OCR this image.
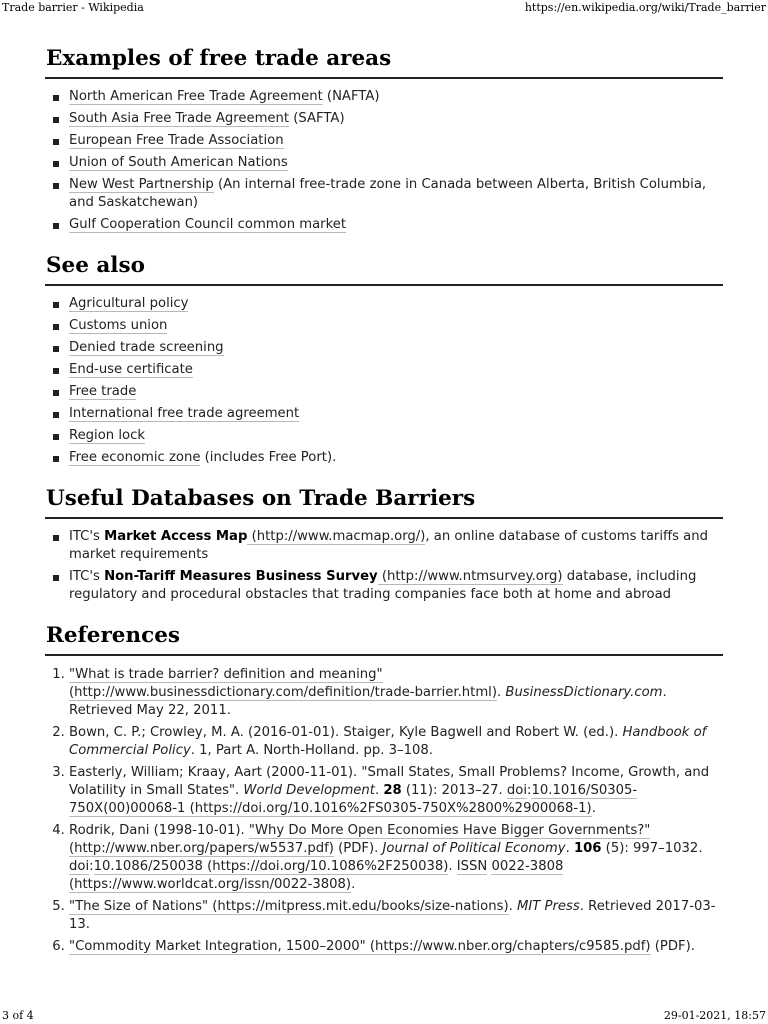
Trade barrier - Wikipedia	https://en.wikipedia.org/wiki/Trade_barrier
Examples of free trade areas
North American Free Trade Agreement (NAFTA)
South Asia Free Trade Agreement (SAFTA)
European Free Trade Association
Union of South American Nations
New West Partnership (An internal free-trade zone in Canada between Alberta, British Columbia, and Saskatchewan)
Gulf Cooperation Council common market
See also
Agricultural policy
Customs union
Denied trade screening
End-use certificate
Free trade
International free trade agreement
Region lock
Free economic zone (includes Free Port).
Useful Databases on Trade Barriers
ITC's Market Access Map (http://www.macmap.org/), an online database of customs tariffs and market requirements
ITC's Non-Tariff Measures Business Survey (http://www.ntmsurvey.org) database, including regulatory and procedural obstacles that trading companies face both at home and abroad
References
1. "What is trade barrier? definition and meaning" (http://www.businessdictionary.com/definition/trade-barrier.html). BusinessDictionary.com. Retrieved May 22, 2011.
2. Bown, C. P.; Crowley, M. A. (2016-01-01). Staiger, Kyle Bagwell and Robert W. (ed.). Handbook of Commercial Policy. 1, Part A. North-Holland. pp. 3–108.
3. Easterly, William; Kraay, Aart (2000-11-01). "Small States, Small Problems? Income, Growth, and Volatility in Small States". World Development. 28 (11): 2013–27. doi:10.1016/S0305-750X(00)00068-1 (https://doi.org/10.1016%2FS0305-750X%2800%2900068-1).
4. Rodrik, Dani (1998-10-01). "Why Do More Open Economies Have Bigger Governments?" (http://www.nber.org/papers/w5537.pdf) (PDF). Journal of Political Economy. 106 (5): 997–1032. doi:10.1086/250038 (https://doi.org/10.1086%2F250038). ISSN 0022-3808 (https://www.worldcat.org/issn/0022-3808).
5. "The Size of Nations" (https://mitpress.mit.edu/books/size-nations). MIT Press. Retrieved 2017-03-13.
6. "Commodity Market Integration, 1500–2000" (https://www.nber.org/chapters/c9585.pdf) (PDF).
3 of 4	29-01-2021, 18:57
